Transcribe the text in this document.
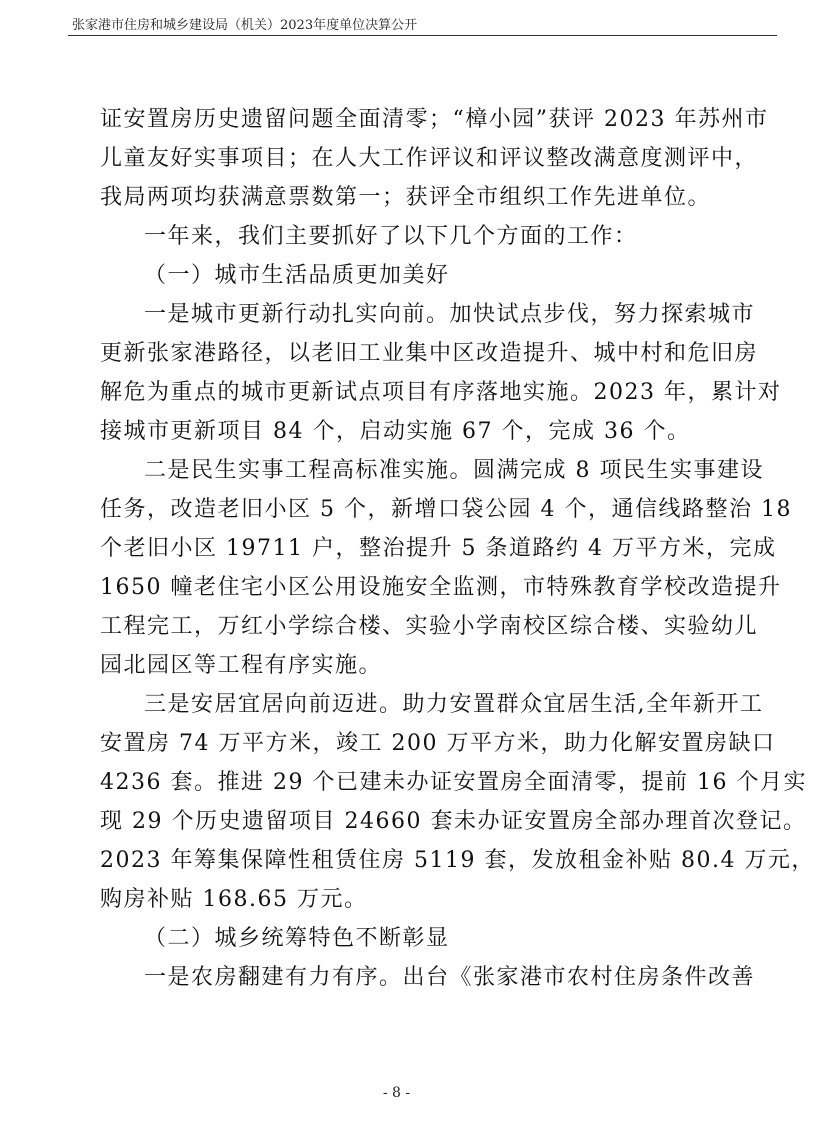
张家港市住房和城乡建设局（机关）2023年度单位决算公开

证安置房历史遗留问题全面清零；“樟小园”获评 2023 年苏州市

儿童友好实事项目；在人大工作评议和评议整改满意度测评中，

我局两项均获满意票数第一；获评全市组织工作先进单位。

一年来，我们主要抓好了以下几个方面的工作：

（一）城市生活品质更加美好

一是城市更新行动扎实向前。加快试点步伐，努力探索城市

更新张家港路径，以老旧工业集中区改造提升、城中村和危旧房

解危为重点的城市更新试点项目有序落地实施。2023 年，累计对

接城市更新项目 84 个，启动实施 67 个，完成 36 个。

二是民生实事工程高标准实施。圆满完成 8 项民生实事建设

任务，改造老旧小区 5 个，新增口袋公园 4 个，通信线路整治 18

个老旧小区 19711 户，整治提升 5 条道路约 4 万平方米，完成

1650 幢老住宅小区公用设施安全监测，市特殊教育学校改造提升

工程完工，万红小学综合楼、实验小学南校区综合楼、实验幼儿

园北园区等工程有序实施。

三是安居宜居向前迈进。助力安置群众宜居生活,全年新开工

安置房 74 万平方米，竣工 200 万平方米，助力化解安置房缺口

4236 套。推进 29 个已建未办证安置房全面清零，提前 16 个月实

现 29 个历史遗留项目 24660 套未办证安置房全部办理首次登记。

2023 年筹集保障性租赁住房 5119 套，发放租金补贴 80.4 万元，

购房补贴 168.65 万元。

（二）城乡统筹特色不断彰显

一是农房翻建有力有序。出台《张家港市农村住房条件改善

- 8 -
